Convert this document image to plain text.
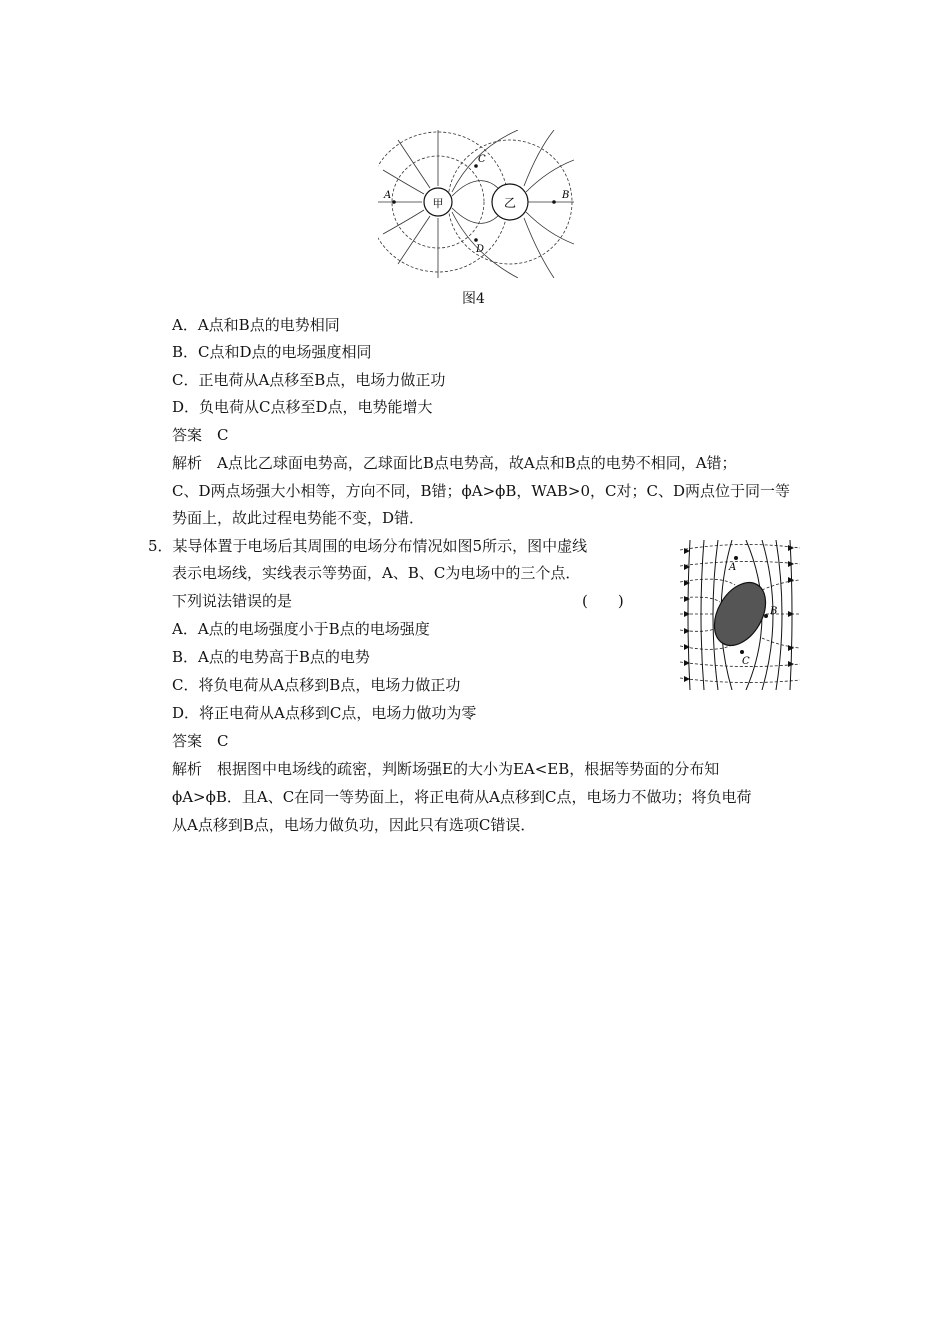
甲	乙
A	B
C
D
图4
A．A点和B点的电势相同
B．C点和D点的电场强度相同
C．正电荷从A点移至B点，电场力做正功
D．负电荷从C点移至D点，电势能增大
答案　C
解析　A点比乙球面电势高，乙球面比B点电势高，故A点和B点的电势不相同，A错；
C、D两点场强大小相等，方向不同，B错；ϕA>ϕB，WAB>0，C对；C、D两点位于同一等
势面上，故此过程电势能不变，D错．
5．某导体置于电场后其周围的电场分布情况如图5所示，图中虚线
表示电场线，实线表示等势面，A、B、C为电场中的三个点．
下列说法错误的是	(　　)
A
B
C
A．A点的电场强度小于B点的电场强度
B．A点的电势高于B点的电势
C．将负电荷从A点移到B点，电场力做正功
D．将正电荷从A点移到C点，电场力做功为零
答案　C
解析　根据图中电场线的疏密，判断场强E的大小为EA<EB，根据等势面的分布知
ϕA>ϕB．且A、C在同一等势面上，将正电荷从A点移到C点，电场力不做功；将负电荷
从A点移到B点，电场力做负功，因此只有选项C错误．
